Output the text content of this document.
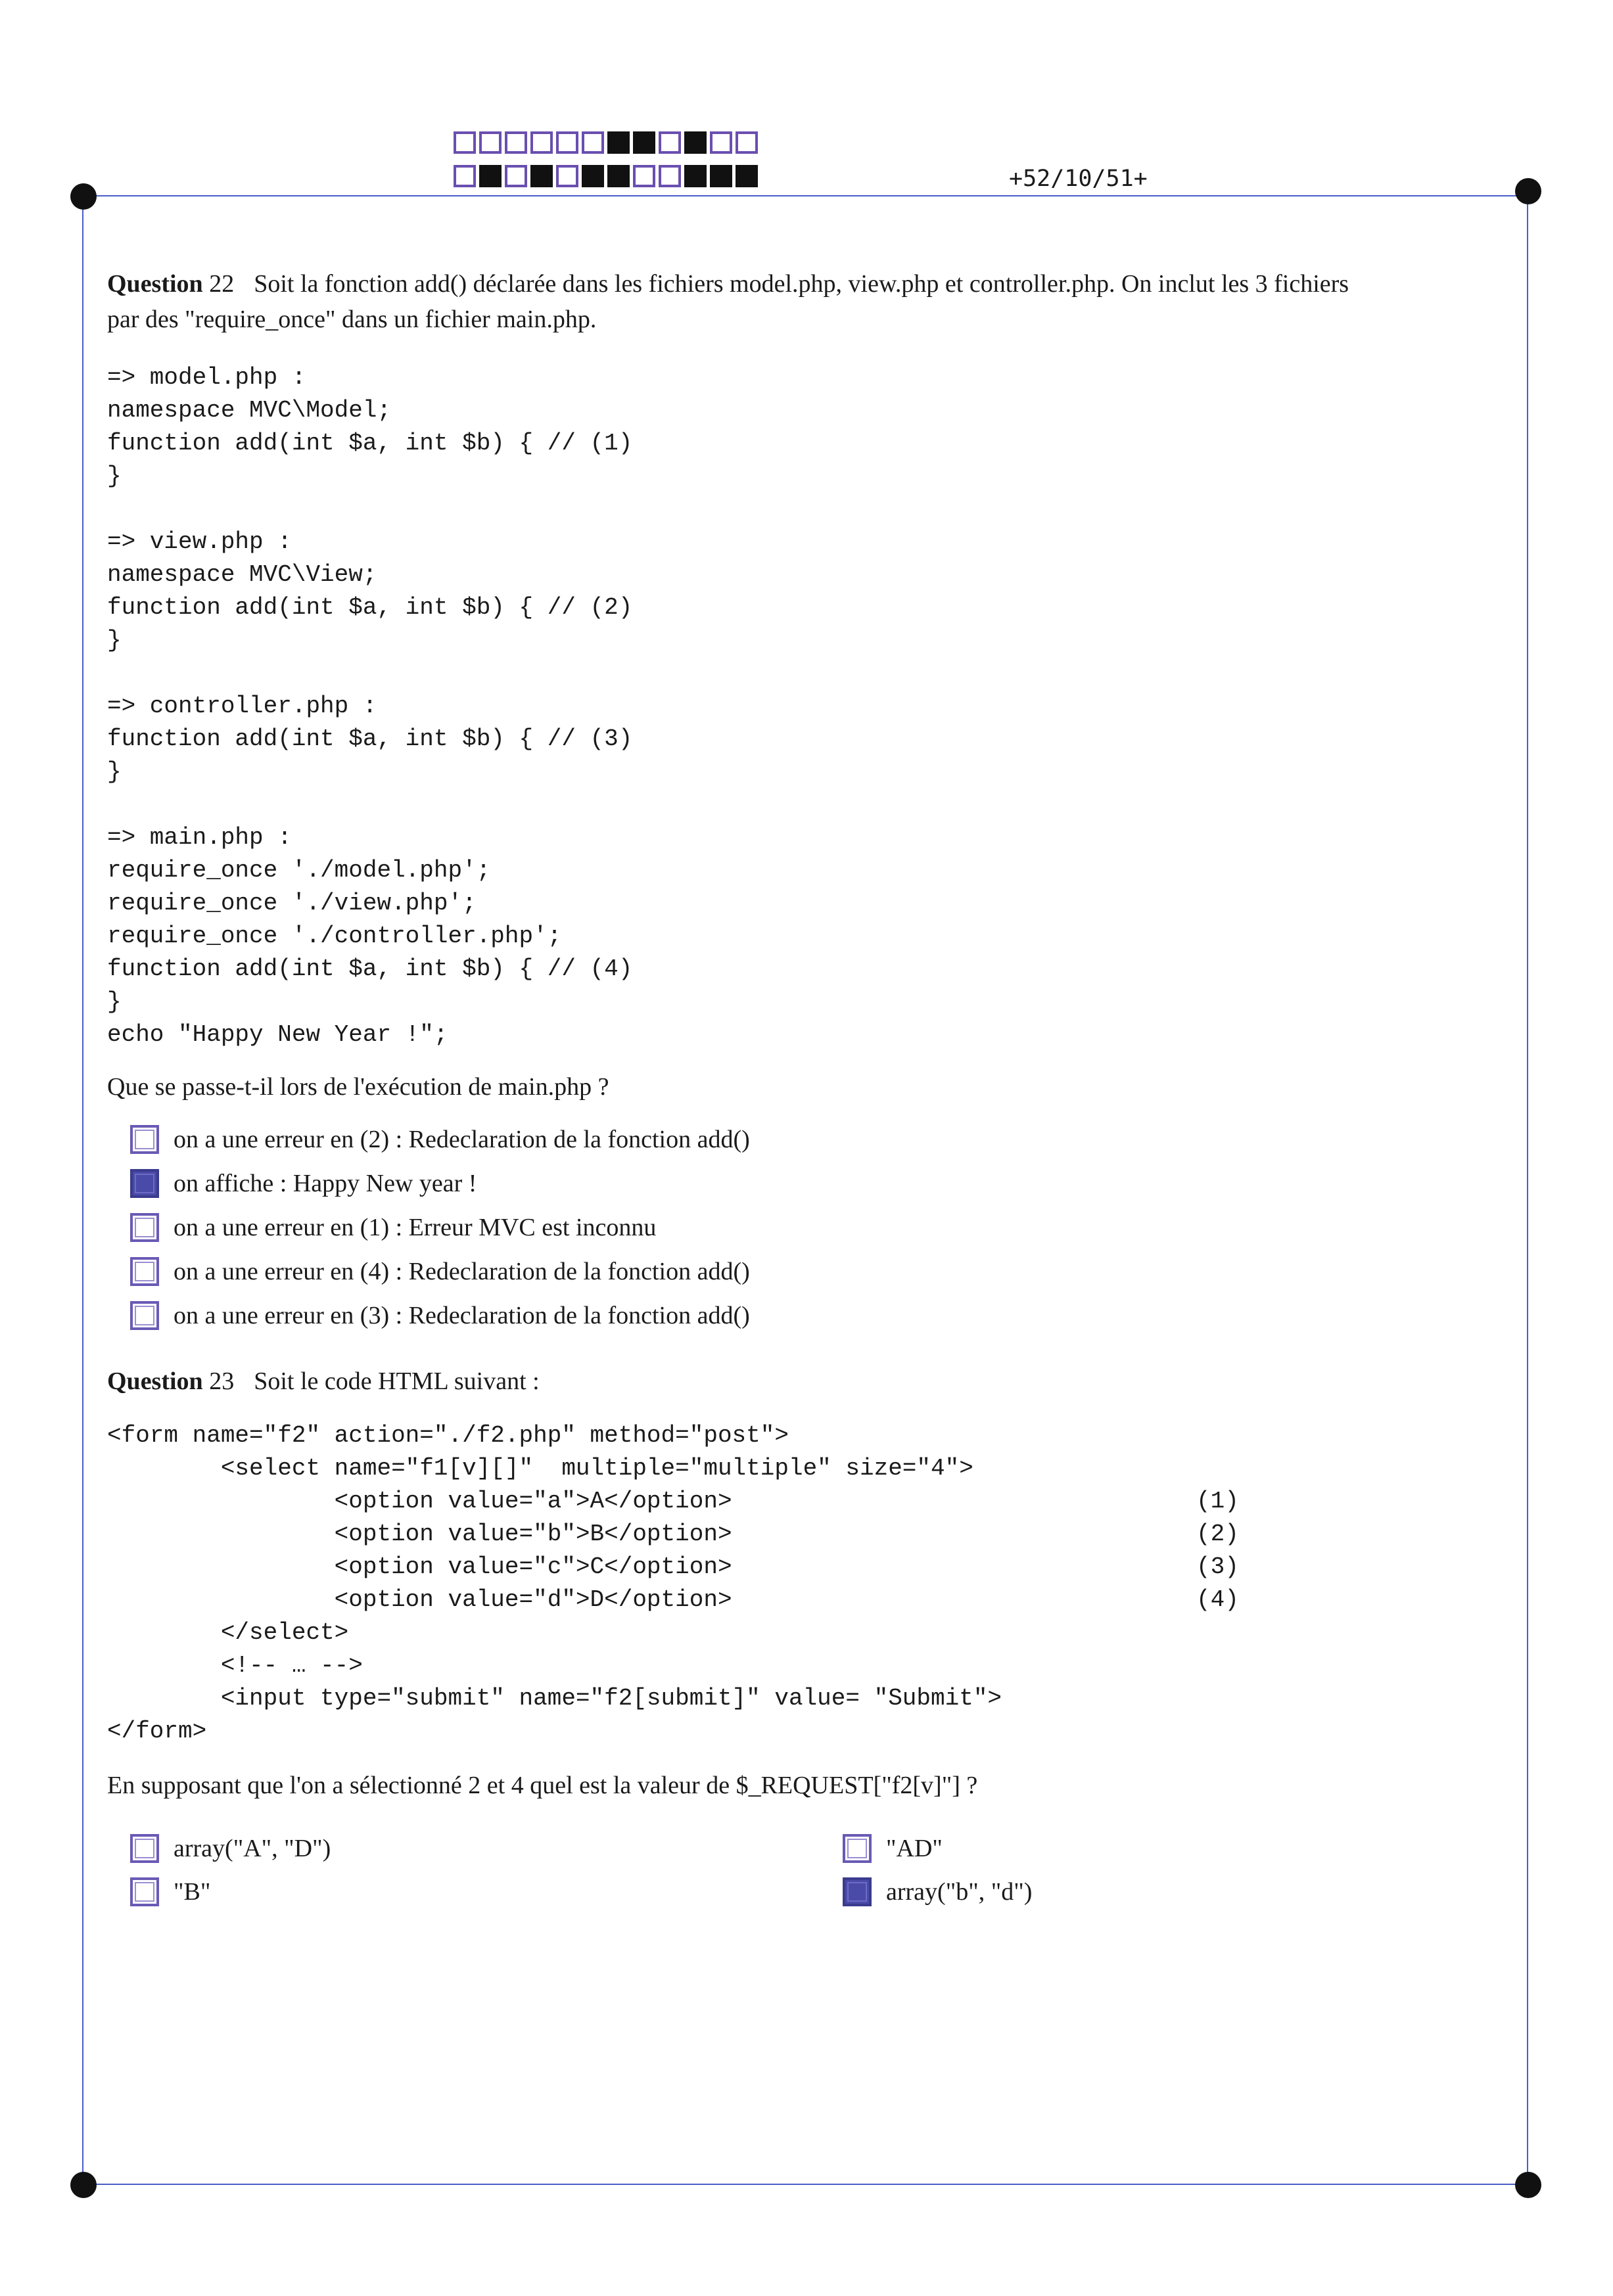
+52/10/51+
Question 22 Soit la fonction add() déclarée dans les fichiers model.php, view.php et controller.php. On inclut les 3 fichiers
par des "require_once" dans un fichier main.php.
=> model.php :
namespace MVC\Model;
function add(int $a, int $b) { // (1)
}

=> view.php :
namespace MVC\View;
function add(int $a, int $b) { // (2)
}

=> controller.php :
function add(int $a, int $b) { // (3)
}

=> main.php :
require_once './model.php';
require_once './view.php';
require_once './controller.php';
function add(int $a, int $b) { // (4)
}
echo "Happy New Year !";
Que se passe-t-il lors de l'exécution de main.php ?
on a une erreur en (2) : Redeclaration de la fonction add()
on affiche : Happy New year !
on a une erreur en (1) : Erreur MVC est inconnu
on a une erreur en (4) : Redeclaration de la fonction add()
on a une erreur en (3) : Redeclaration de la fonction add()
Question 23 Soit le code HTML suivant :
<form name="f2" action="./f2.php" method="post">
<select name="f1[v][]"  multiple="multiple" size="4">
<option value="a">A</option>
<option value="b">B</option>
<option value="c">C</option>
<option value="d">D</option>
</select>
<!-- … -->
<input type="submit" name="f2[submit]" value= "Submit">
</form>
(1)
(2)
(3)
(4)
En supposant que l'on a sélectionné 2 et 4 quel est la valeur de $_REQUEST["f2[v]"] ?
array("A", "D")	"AD"
"B"	array("b", "d")
